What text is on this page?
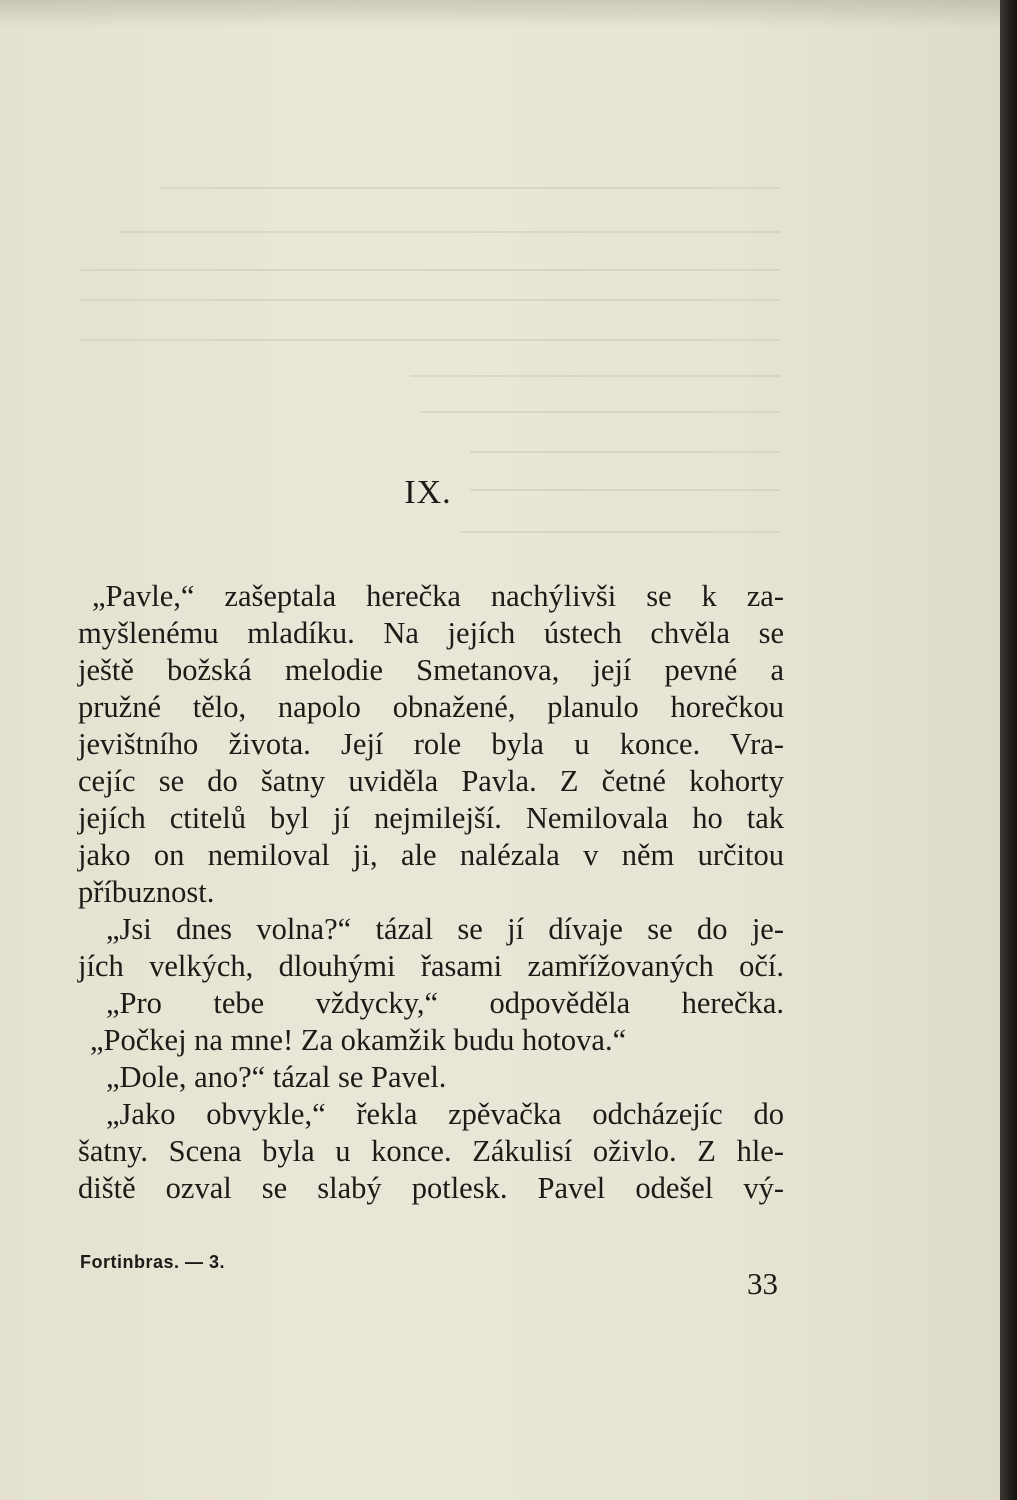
IX.
„Pavle,“ zašeptala herečka nachýlivši se k za-
myšlenému mladíku. Na jejích ústech chvěla se
ještě božská melodie Smetanova, její pevné a
pružné tělo, napolo obnažené, planulo horečkou
jevištního života. Její role byla u konce. Vra-
cejíc se do šatny uviděla Pavla. Z četné kohorty
jejích ctitelů byl jí nejmilejší. Nemilovala ho tak
jako on nemiloval ji, ale nalézala v něm určitou
příbuznost.
„Jsi dnes volna?“ tázal se jí dívaje se do je-
jích velkých, dlouhými řasami zamřížovaných očí.
„Pro tebe vždycky,“ odpověděla herečka.
„Počkej na mne! Za okamžik budu hotova.“
„Dole, ano?“ tázal se Pavel.
„Jako obvykle,“ řekla zpěvačka odcházejíc do
šatny. Scena byla u konce. Zákulisí oživlo. Z hle-
diště ozval se slabý potlesk. Pavel odešel vý-
Fortinbras. — 3.
33
